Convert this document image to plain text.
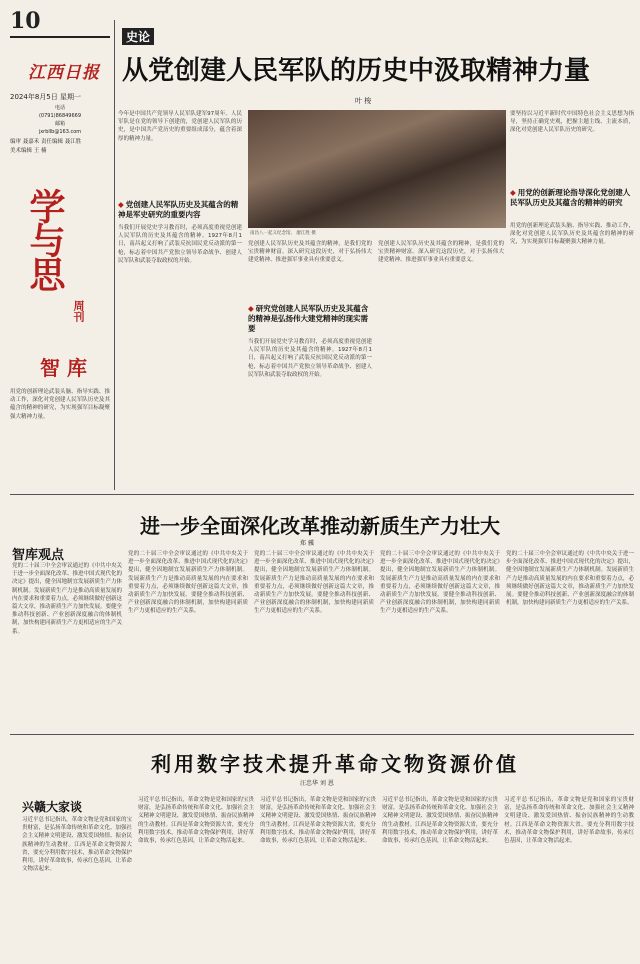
10
江西日报
2024年8月5日 星期一
电话
(0791)86849669
邮箱
jxrbllb@163.com
编审 聂嘉禾 责任编辑 聂江胜
美术编辑 王 楠
学与思
周刊
智 库
用党的创新理论武装头脑、指导实践、推动工作，深化对党创建人民军队历史及其蕴含的精神的研究，为实现强军目标凝聚强大精神力量。
史论
从党创建人民军队的历史中汲取精神力量
叶 梭
今年是中国共产党领导人民军队建军97周年。人民军队是在党的领导下创建的，党创建人民军队的历史，是中国共产党历史的重要组成部分，蕴含着深厚的精神力量。
◆ 党创建人民军队历史及其蕴含的精神是军史研究的重要内容
当我们开展党史学习教育时，必须高度重视党创建人民军队的历史及其蕴含的精神。1927年8月1日，南昌起义打响了武装反抗国民党反动派的第一枪，标志着中国共产党独立领导革命战争、创建人民军队和武装夺取政权的开始。
南昌八一起义纪念馆。 廖江胜 摄
党创建人民军队历史及其蕴含的精神，是我们党的宝贵精神财富。深入研究这段历史，对于弘扬伟大建党精神、推进强军事业具有重要意义。
◆ 研究党创建人民军队历史及其蕴含的精神是弘扬伟大建党精神的现实需要
当我们开展党史学习教育时，必须高度重视党创建人民军队的历史及其蕴含的精神。1927年8月1日，南昌起义打响了武装反抗国民党反动派的第一枪，标志着中国共产党独立领导革命战争、创建人民军队和武装夺取政权的开始。
党创建人民军队历史及其蕴含的精神，是我们党的宝贵精神财富。深入研究这段历史，对于弘扬伟大建党精神、推进强军事业具有重要意义。
要坚持以习近平新时代中国特色社会主义思想为指导，坚持正确党史观，把握主题主线、主流本质，深化对党创建人民军队历史的研究。
◆ 用党的创新理论指导深化党创建人民军队历史及其蕴含的精神的研究
用党的创新理论武装头脑、指导实践、推动工作，深化对党创建人民军队历史及其蕴含的精神的研究，为实现强军目标凝聚强大精神力量。
进一步全面深化改革推动新质生产力壮大
郑 骥
智库观点
党的二十届三中全会审议通过的《中共中央关于进一步全面深化改革、推进中国式现代化的决定》提出，健全因地制宜发展新质生产力体制机制。发展新质生产力是推动高质量发展的内在要求和重要着力点，必须继续做好创新这篇大文章，推动新质生产力加快发展。要健全推动科技创新、产业创新深度融合的体制机制，加快构建同新质生产力更相适应的生产关系。
党的二十届三中全会审议通过的《中共中央关于进一步全面深化改革、推进中国式现代化的决定》提出，健全因地制宜发展新质生产力体制机制。发展新质生产力是推动高质量发展的内在要求和重要着力点，必须继续做好创新这篇大文章，推动新质生产力加快发展。要健全推动科技创新、产业创新深度融合的体制机制，加快构建同新质生产力更相适应的生产关系。
党的二十届三中全会审议通过的《中共中央关于进一步全面深化改革、推进中国式现代化的决定》提出，健全因地制宜发展新质生产力体制机制。发展新质生产力是推动高质量发展的内在要求和重要着力点，必须继续做好创新这篇大文章，推动新质生产力加快发展。要健全推动科技创新、产业创新深度融合的体制机制，加快构建同新质生产力更相适应的生产关系。
党的二十届三中全会审议通过的《中共中央关于进一步全面深化改革、推进中国式现代化的决定》提出，健全因地制宜发展新质生产力体制机制。发展新质生产力是推动高质量发展的内在要求和重要着力点，必须继续做好创新这篇大文章，推动新质生产力加快发展。要健全推动科技创新、产业创新深度融合的体制机制，加快构建同新质生产力更相适应的生产关系。
党的二十届三中全会审议通过的《中共中央关于进一步全面深化改革、推进中国式现代化的决定》提出，健全因地制宜发展新质生产力体制机制。发展新质生产力是推动高质量发展的内在要求和重要着力点，必须继续做好创新这篇大文章，推动新质生产力加快发展。要健全推动科技创新、产业创新深度融合的体制机制，加快构建同新质生产力更相适应的生产关系。
利用数字技术提升革命文物资源价值
汪忠华 刘 恩
兴赣大家谈
习近平总书记指出，革命文物是党和国家的宝贵财富，是弘扬革命传统和革命文化、加强社会主义精神文明建设、激发爱国热情、振奋民族精神的生动教材。江西是革命文物资源大省，要充分利用数字技术，推动革命文物保护利用，讲好革命故事，传承红色基因，让革命文物活起来。
习近平总书记指出，革命文物是党和国家的宝贵财富，是弘扬革命传统和革命文化、加强社会主义精神文明建设、激发爱国热情、振奋民族精神的生动教材。江西是革命文物资源大省，要充分利用数字技术，推动革命文物保护利用，讲好革命故事，传承红色基因，让革命文物活起来。
习近平总书记指出，革命文物是党和国家的宝贵财富，是弘扬革命传统和革命文化、加强社会主义精神文明建设、激发爱国热情、振奋民族精神的生动教材。江西是革命文物资源大省，要充分利用数字技术，推动革命文物保护利用，讲好革命故事，传承红色基因，让革命文物活起来。
习近平总书记指出，革命文物是党和国家的宝贵财富，是弘扬革命传统和革命文化、加强社会主义精神文明建设、激发爱国热情、振奋民族精神的生动教材。江西是革命文物资源大省，要充分利用数字技术，推动革命文物保护利用，讲好革命故事，传承红色基因，让革命文物活起来。
习近平总书记指出，革命文物是党和国家的宝贵财富，是弘扬革命传统和革命文化、加强社会主义精神文明建设、激发爱国热情、振奋民族精神的生动教材。江西是革命文物资源大省，要充分利用数字技术，推动革命文物保护利用，讲好革命故事，传承红色基因，让革命文物活起来。
